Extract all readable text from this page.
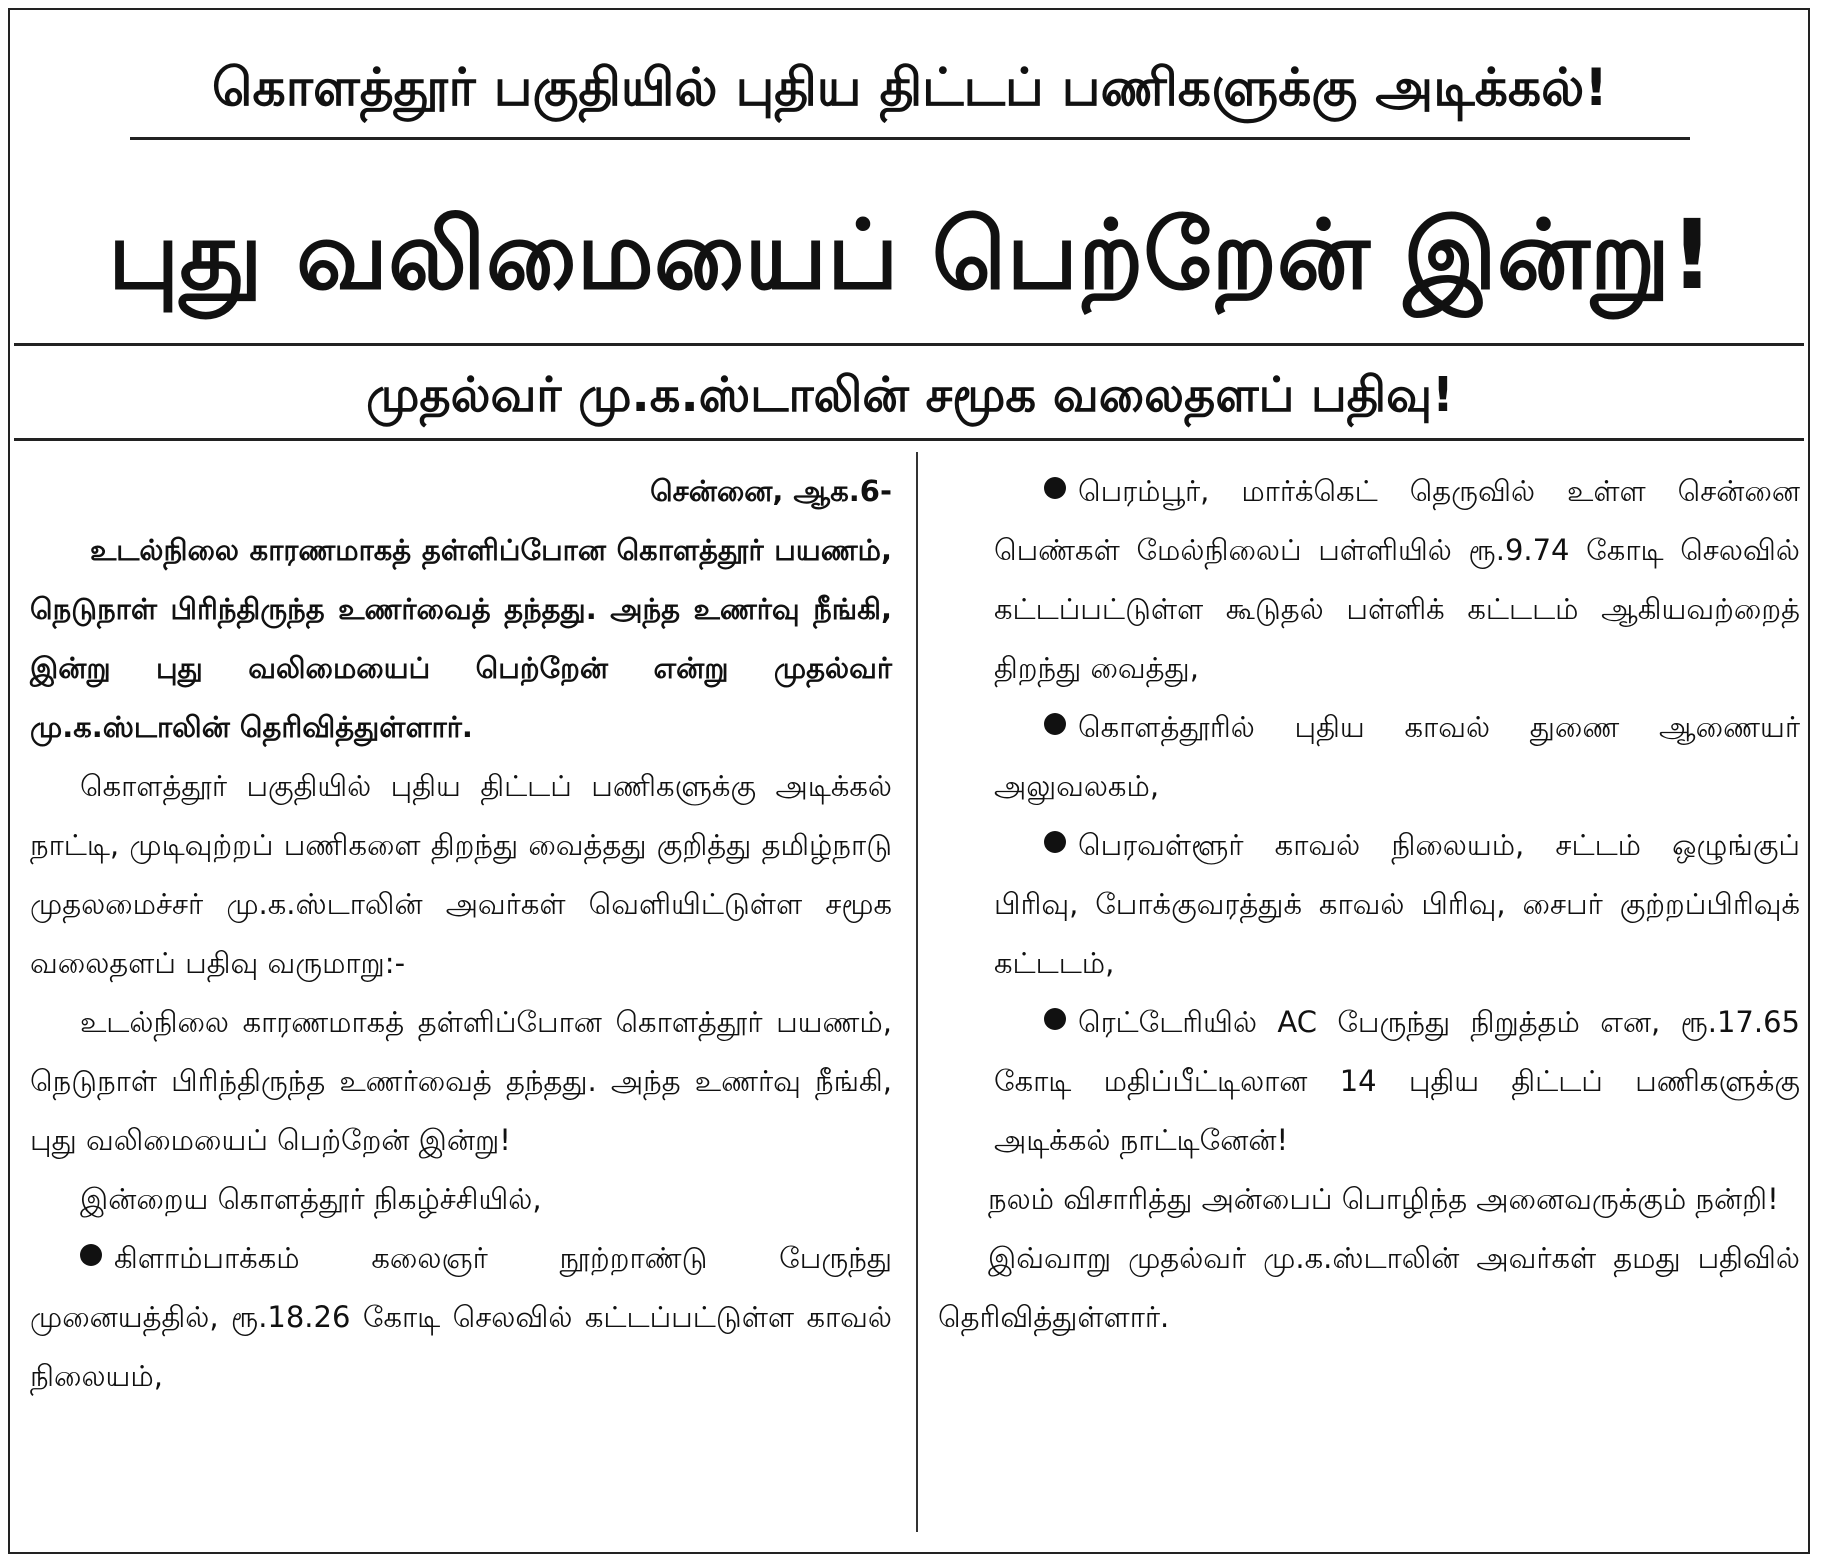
கொளத்தூர் பகுதியில் புதிய திட்டப் பணிகளுக்கு அடிக்கல்!
புது வலிமையைப் பெற்றேன் இன்று!
முதல்வர் மு.க.ஸ்டாலின் சமூக வலைதளப் பதிவு!

சென்னை, ஆக.6-

உடல்நிலை காரணமாகத் தள்ளிப்போன கொளத்தூர் பயணம், நெடுநாள் பிரிந்திருந்த உணர்வைத் தந்தது. அந்த உணர்வு நீங்கி, இன்று புது வலிமையைப் பெற்றேன் என்று முதல்வர் மு.க.ஸ்டாலின் தெரிவித்துள்ளார்.

கொளத்தூர் பகுதியில் புதிய திட்டப் பணிகளுக்கு அடிக்கல் நாட்டி, முடிவுற்றப் பணிகளை திறந்து வைத்தது குறித்து தமிழ்நாடு முதலமைச்சர் மு.க.ஸ்டாலின் அவர்கள் வெளியிட்டுள்ள சமூக வலைதளப் பதிவு வருமாறு:-

உடல்நிலை காரணமாகத் தள்ளிப்போன கொளத்தூர் பயணம், நெடுநாள் பிரிந்திருந்த உணர்வைத் தந்தது. அந்த உணர்வு நீங்கி, புது வலிமையைப் பெற்றேன் இன்று!

இன்றைய கொளத்தூர் நிகழ்ச்சியில்,

கிளாம்பாக்கம் கலைஞர் நூற்றாண்டு பேருந்து முனையத்தில், ரூ.18.26 கோடி செலவில் கட்டப்பட்டுள்ள காவல் நிலையம்,

பெரம்பூர், மார்க்கெட் தெருவில் உள்ள சென்னை பெண்கள் மேல்நிலைப் பள்ளியில் ரூ.9.74 கோடி செலவில் கட்டப்பட்டுள்ள கூடுதல் பள்ளிக் கட்டடம் ஆகியவற்றைத் திறந்து வைத்து,

கொளத்தூரில் புதிய காவல் துணை ஆணையர் அலுவலகம்,

பெரவள்ளூர் காவல் நிலையம், சட்டம் ஒழுங்குப் பிரிவு, போக்குவரத்துக் காவல் பிரிவு, சைபர் குற்றப்பிரிவுக் கட்டடம்,

ரெட்டேரியில் AC பேருந்து நிறுத்தம் என, ரூ.17.65 கோடி மதிப்பீட்டிலான 14 புதிய திட்டப் பணிகளுக்கு அடிக்கல் நாட்டினேன்!

நலம் விசாரித்து அன்பைப் பொழிந்த அனைவருக்கும் நன்றி!

இவ்வாறு முதல்வர் மு.க.ஸ்டாலின் அவர்கள் தமது பதிவில் தெரிவித்துள்ளார்.
